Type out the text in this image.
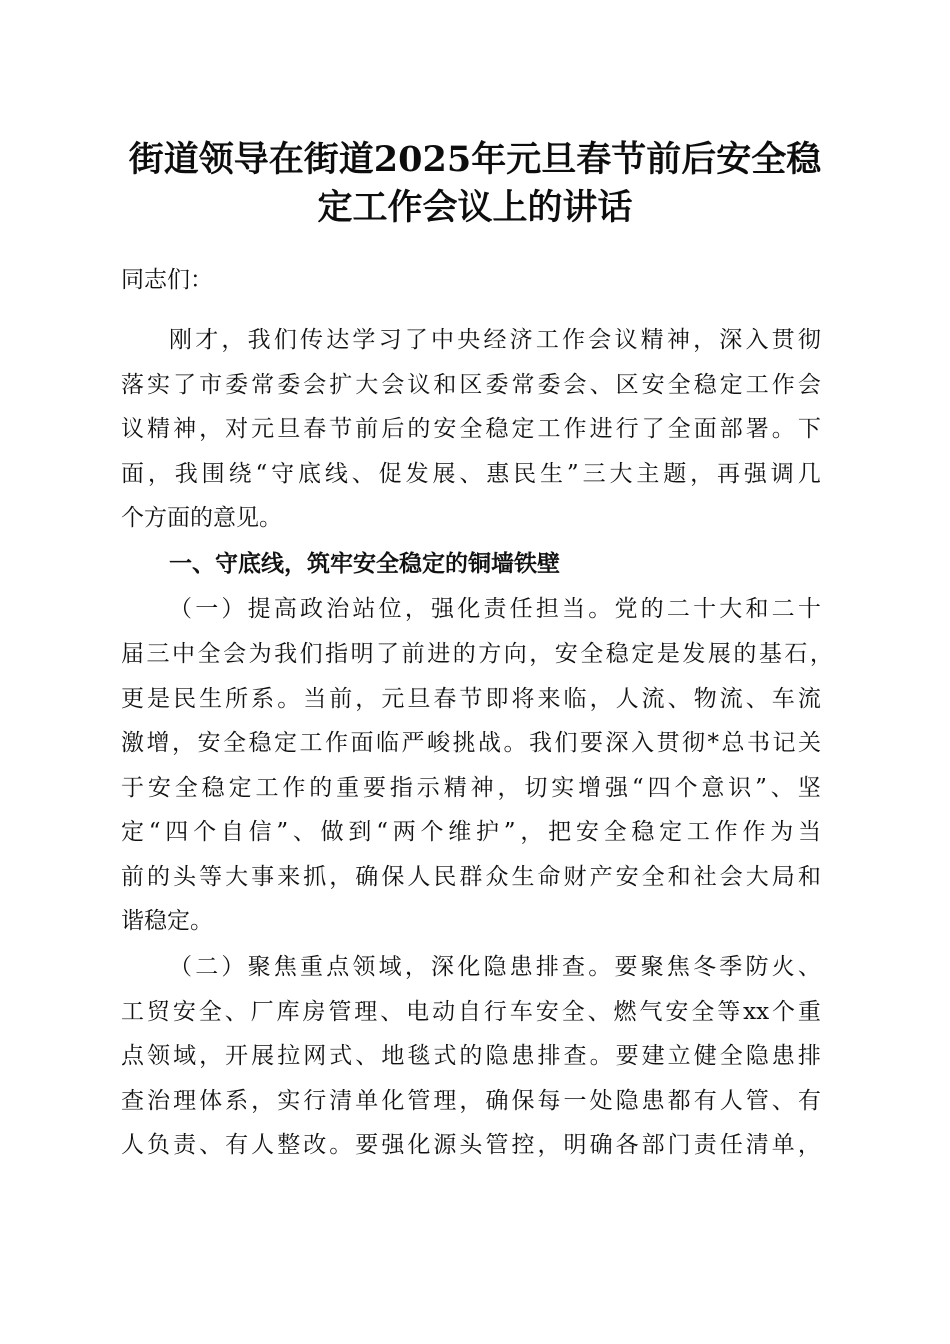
街道领导在街道2025年元旦春节前后安全稳
定工作会议上的讲话
同志们：
刚 才 ， 我 们 传 达 学 习 了 中 央 经 济 工 作 会 议 精 神 ， 深 入 贯 彻
落 实 了 市 委 常 委 会 扩 大 会 议 和 区 委 常 委 会 、 区 安 全 稳 定 工 作 会
议 精 神 ， 对 元 旦 春 节 前 后 的 安 全 稳 定 工 作 进 行 了 全 面 部 署 。 下
面 ， 我 围 绕 “ 守 底 线 、 促 发 展 、 惠 民 生 ” 三 大 主 题 ， 再 强 调 几
个方面的意见。
一、守底线，筑牢安全稳定的铜墙铁壁
（ 一 ） 提 高 政 治 站 位 ， 强 化 责 任 担 当 。 党 的 二 十 大 和 二 十
届 三 中 全 会 为 我 们 指 明 了 前 进 的 方 向 ， 安 全 稳 定 是 发 展 的 基 石 ，
更 是 民 生 所 系 。 当 前 ， 元 旦 春 节 即 将 来 临 ， 人 流 、 物 流 、 车 流
激 增 ， 安 全 稳 定 工 作 面 临 严 峻 挑 战 。 我 们 要 深 入 贯 彻 * 总 书 记 关
于 安 全 稳 定 工 作 的 重 要 指 示 精 神 ， 切 实 增 强 “ 四 个 意 识 ” 、 坚
定 “ 四 个 自 信 ” 、 做 到 “ 两 个 维 护 ” ， 把 安 全 稳 定 工 作 作 为 当
前 的 头 等 大 事 来 抓 ， 确 保 人 民 群 众 生 命 财 产 安 全 和 社 会 大 局 和
谐稳定。
（ 二 ） 聚 焦 重 点 领 域 ， 深 化 隐 患 排 查 。 要 聚 焦 冬 季 防 火 、
工 贸 安 全 、 厂 库 房 管 理 、 电 动 自 行 车 安 全 、 燃 气 安 全 等 xx 个 重
点 领 域 ， 开 展 拉 网 式 、 地 毯 式 的 隐 患 排 查 。 要 建 立 健 全 隐 患 排
查 治 理 体 系 ， 实 行 清 单 化 管 理 ， 确 保 每 一 处 隐 患 都 有 人 管 、 有
人 负 责 、 有 人 整 改 。 要 强 化 源 头 管 控 ， 明 确 各 部 门 责 任 清 单 ，
